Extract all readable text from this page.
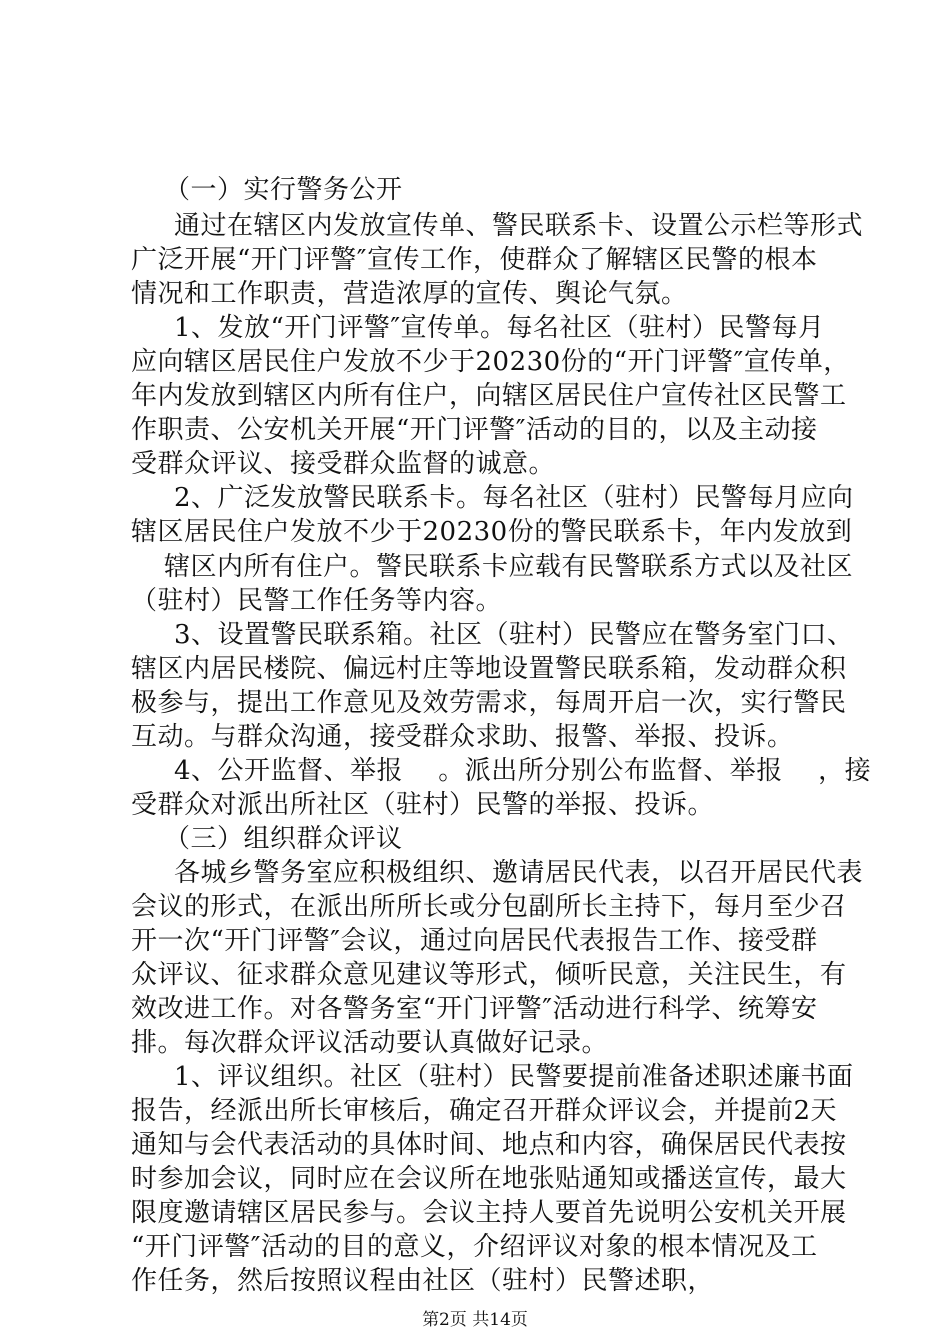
（一）实行警务公开
通过在辖区内发放宣传单、警民联系卡、设置公示栏等形式
广泛开展“开门评警″宣传工作，使群众了解辖区民警的根本
情况和工作职责，营造浓厚的宣传、舆论气氛。
1、发放“开门评警″宣传单。每名社区（驻村）民警每月
应向辖区居民住户发放不少于20230份的“开门评警″宣传单，
年内发放到辖区内所有住户，向辖区居民住户宣传社区民警工
作职责、公安机关开展“开门评警″活动的目的，以及主动接
受群众评议、接受群众监督的诚意。
2、广泛发放警民联系卡。每名社区（驻村）民警每月应向
辖区居民住户发放不少于20230份的警民联系卡，年内发放到
辖区内所有住户。警民联系卡应载有民警联系方式以及社区
（驻村）民警工作任务等内容。
3、设置警民联系箱。社区（驻村）民警应在警务室门口、
辖区内居民楼院、偏远村庄等地设置警民联系箱，发动群众积
极参与，提出工作意见及效劳需求，每周开启一次，实行警民
互动。与群众沟通，接受群众求助、报警、举报、投诉。
4、公开监督、举报　 。派出所分别公布监督、举报　 ，接
受群众对派出所社区（驻村）民警的举报、投诉。
（三）组织群众评议
各城乡警务室应积极组织、邀请居民代表，以召开居民代表
会议的形式，在派出所所长或分包副所长主持下，每月至少召
开一次“开门评警″会议，通过向居民代表报告工作、接受群
众评议、征求群众意见建议等形式，倾听民意，关注民生，有
效改进工作。对各警务室“开门评警″活动进行科学、统筹安
排。每次群众评议活动要认真做好记录。
1、评议组织。社区（驻村）民警要提前准备述职述廉书面
报告，经派出所长审核后，确定召开群众评议会，并提前2天
通知与会代表活动的具体时间、地点和内容，确保居民代表按
时参加会议，同时应在会议所在地张贴通知或播送宣传，最大
限度邀请辖区居民参与。会议主持人要首先说明公安机关开展
“开门评警″活动的目的意义，介绍评议对象的根本情况及工
作任务，然后按照议程由社区（驻村）民警述职，
第2页 共14页
